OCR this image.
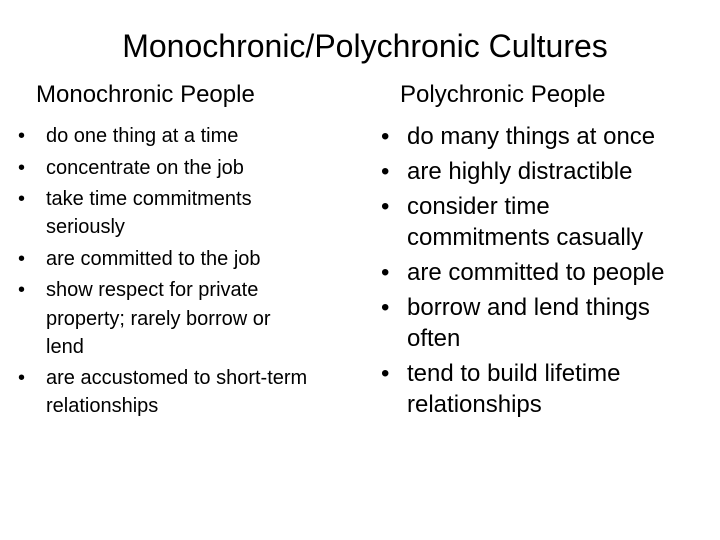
Monochronic/Polychronic Cultures
Monochronic People	Polychronic People
• do one thing at a time
• concentrate on the job
• take time commitments
seriously
• are committed to the job
• show respect for private
property; rarely borrow or
lend
• are accustomed to short-term
relationships
• do many things at once
• are highly distractible
• consider time
commitments casually
• are committed to people
• borrow and lend things
often
• tend to build lifetime
relationships
